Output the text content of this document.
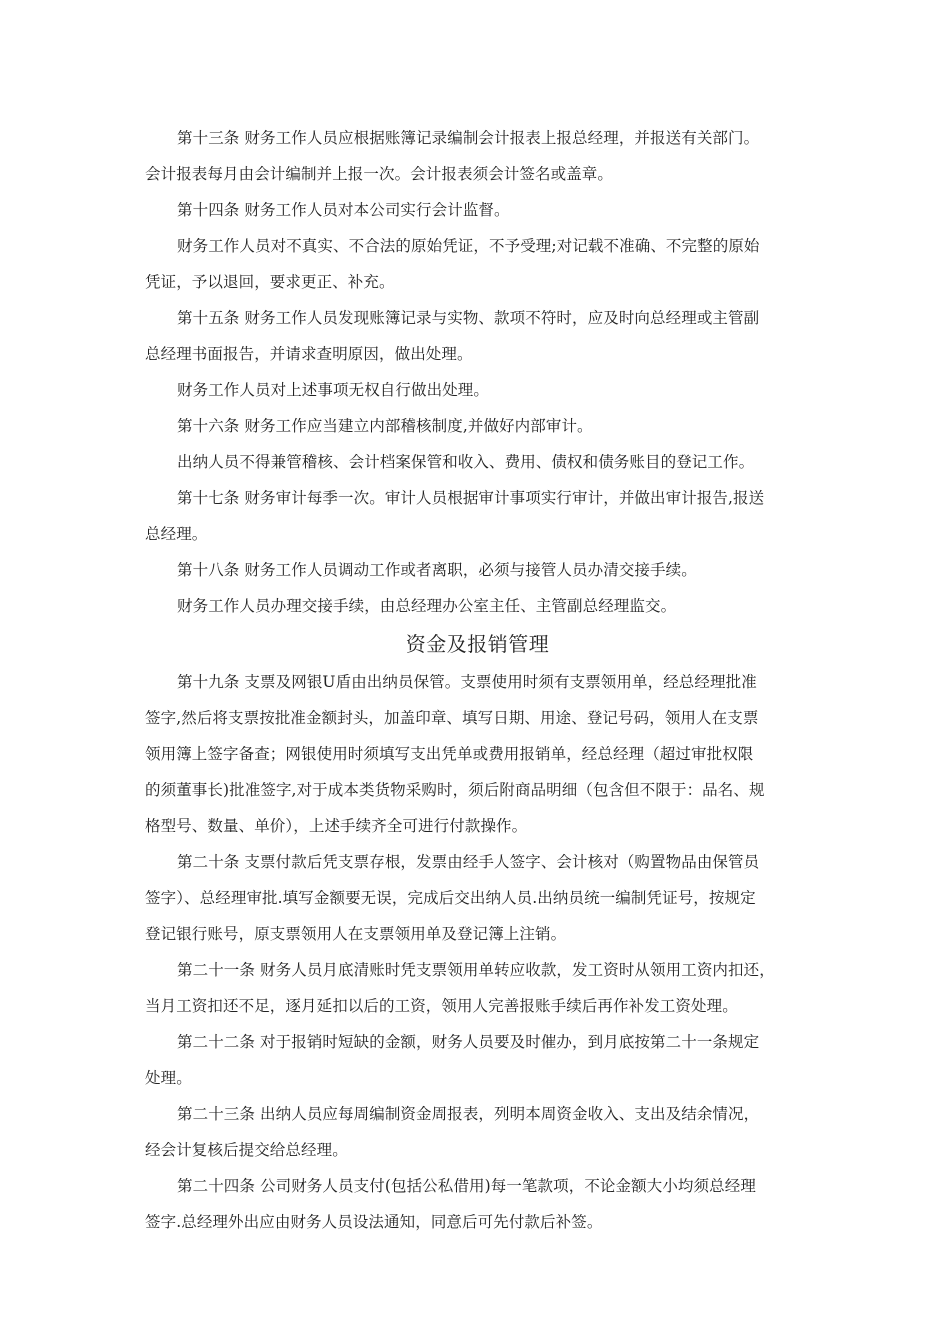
第十三条 财务工作人员应根据账簿记录编制会计报表上报总经理，并报送有关部门。
会计报表每月由会计编制并上报一次。会计报表须会计签名或盖章。
第十四条 财务工作人员对本公司实行会计监督。
财务工作人员对不真实、不合法的原始凭证，不予受理;对记载不准确、不完整的原始
凭证，予以退回，要求更正、补充。
第十五条 财务工作人员发现账簿记录与实物、款项不符时，应及时向总经理或主管副
总经理书面报告，并请求查明原因，做出处理。
财务工作人员对上述事项无权自行做出处理。
第十六条 财务工作应当建立内部稽核制度,并做好内部审计。
出纳人员不得兼管稽核、会计档案保管和收入、费用、债权和债务账目的登记工作。
第十七条 财务审计每季一次。审计人员根据审计事项实行审计，并做出审计报告,报送
总经理。
第十八条 财务工作人员调动工作或者离职，必须与接管人员办清交接手续。
财务工作人员办理交接手续，由总经理办公室主任、主管副总经理监交。
资金及报销管理
第十九条 支票及网银U盾由出纳员保管。支票使用时须有支票领用单，经总经理批准
签字,然后将支票按批准金额封头，加盖印章、填写日期、用途、登记号码，领用人在支票
领用簿上签字备查；网银使用时须填写支出凭单或费用报销单，经总经理（超过审批权限
的须董事长)批准签字,对于成本类货物采购时，须后附商品明细（包含但不限于：品名、规
格型号、数量、单价），上述手续齐全可进行付款操作。
第二十条 支票付款后凭支票存根，发票由经手人签字、会计核对（购置物品由保管员
签字）、总经理审批.填写金额要无误，完成后交出纳人员.出纳员统一编制凭证号，按规定
登记银行账号，原支票领用人在支票领用单及登记簿上注销。
第二十一条 财务人员月底清账时凭支票领用单转应收款，发工资时从领用工资内扣还，
当月工资扣还不足，逐月延扣以后的工资，领用人完善报账手续后再作补发工资处理。
第二十二条 对于报销时短缺的金额，财务人员要及时催办，到月底按第二十一条规定
处理。
第二十三条 出纳人员应每周编制资金周报表，列明本周资金收入、支出及结余情况，
经会计复核后提交给总经理。
第二十四条 公司财务人员支付(包括公私借用)每一笔款项，不论金额大小均须总经理
签字.总经理外出应由财务人员设法通知，同意后可先付款后补签。
